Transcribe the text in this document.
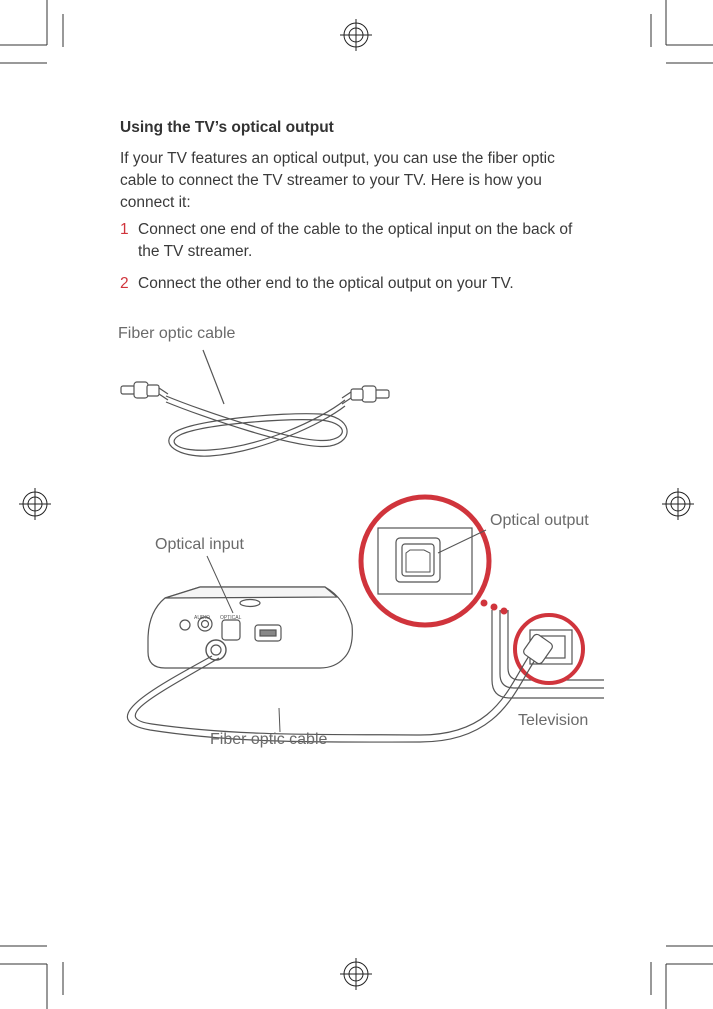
Using the TV’s optical output
If your TV features an optical output, you can use the fiber optic cable to connect the TV streamer to your TV. Here is how you connect it:
1 Connect one end of the cable to the optical input on the back of the TV streamer.
2 Connect the other end to the optical output on your TV.
Fiber optic cable
AUDIO OPTICAL
Optical input
Optical output
Fiber optic cable
Television
